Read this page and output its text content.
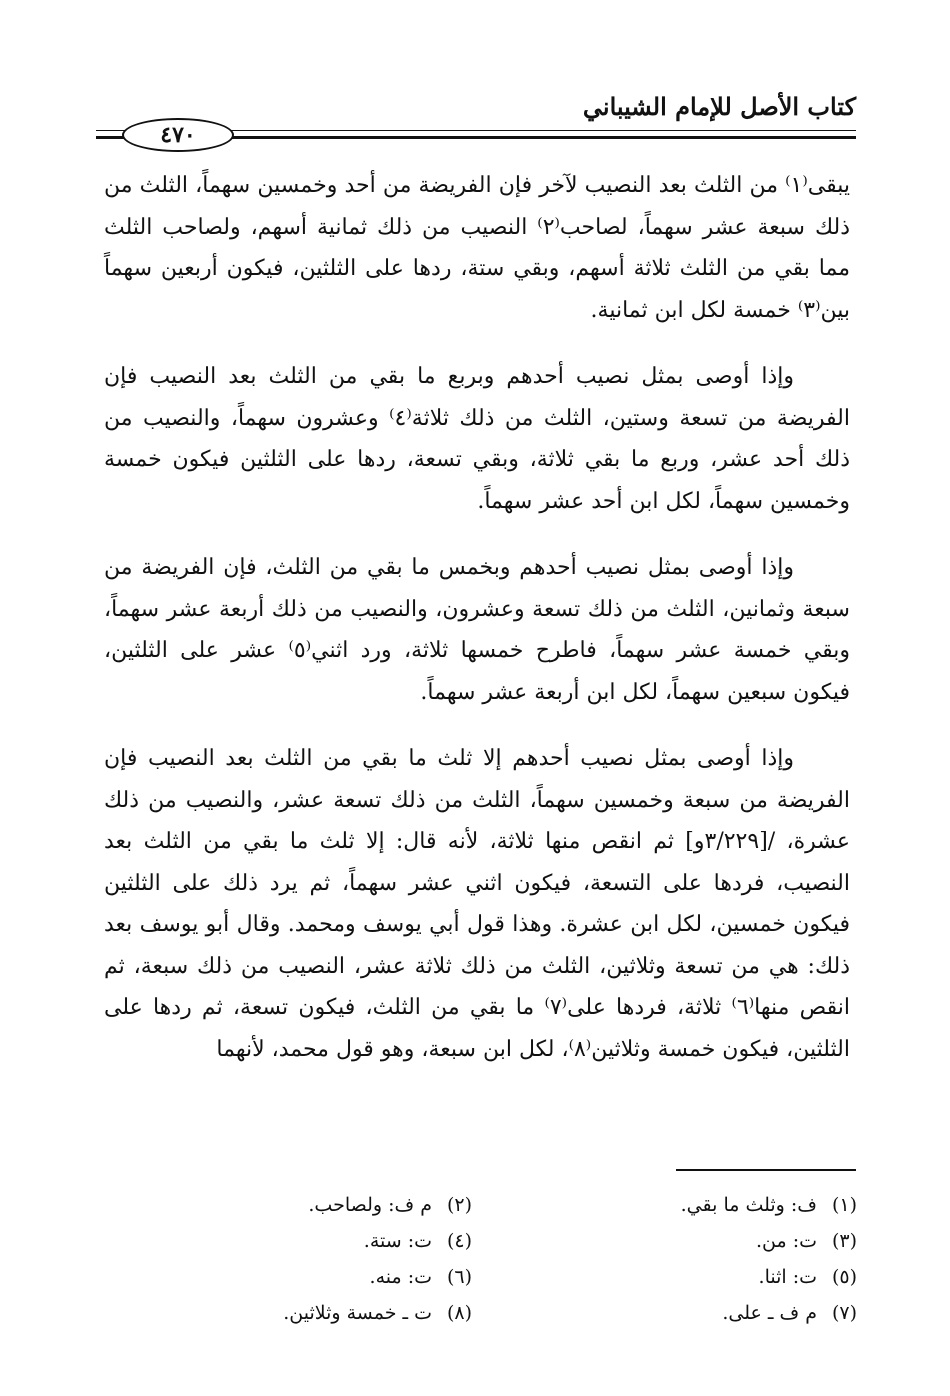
كتاب الأصل للإمام الشيباني
٤٧٠

يبقى⁽١⁾ من الثلث بعد النصيب لآخر فإن الفريضة من أحد وخمسين سهماً، الثلث من ذلك سبعة عشر سهماً، لصاحب⁽٢⁾ النصيب من ذلك ثمانية أسهم، ولصاحب الثلث مما بقي من الثلث ثلاثة أسهم، وبقي ستة، ردها على الثلثين، فيكون أربعين سهماً بين⁽٣⁾ خمسة لكل ابن ثمانية.

وإذا أوصى بمثل نصيب أحدهم وبربع ما بقي من الثلث بعد النصيب فإن الفريضة من تسعة وستين، الثلث من ذلك ثلاثة⁽٤⁾ وعشرون سهماً، والنصيب من ذلك أحد عشر، وربع ما بقي ثلاثة، وبقي تسعة، ردها على الثلثين فيكون خمسة وخمسين سهماً، لكل ابن أحد عشر سهماً.

وإذا أوصى بمثل نصيب أحدهم وبخمس ما بقي من الثلث، فإن الفريضة من سبعة وثمانين، الثلث من ذلك تسعة وعشرون، والنصيب من ذلك أربعة عشر سهماً، وبقي خمسة عشر سهماً، فاطرح خمسها ثلاثة، ورد اثني⁽٥⁾ عشر على الثلثين، فيكون سبعين سهماً، لكل ابن أربعة عشر سهماً.

وإذا أوصى بمثل نصيب أحدهم إلا ثلث ما بقي من الثلث بعد النصيب فإن الفريضة من سبعة وخمسين سهماً، الثلث من ذلك تسعة عشر، والنصيب من ذلك عشرة، /[٣/٢٢٩و] ثم انقص منها ثلاثة، لأنه قال: إلا ثلث ما بقي من الثلث بعد النصيب، فردها على التسعة، فيكون اثني عشر سهماً، ثم يرد ذلك على الثلثين فيكون خمسين، لكل ابن عشرة. وهذا قول أبي يوسف ومحمد. وقال أبو يوسف بعد ذلك: هي من تسعة وثلاثين، الثلث من ذلك ثلاثة عشر، النصيب من ذلك سبعة، ثم انقص منها⁽٦⁾ ثلاثة، فردها على⁽٧⁾ ما بقي من الثلث، فيكون تسعة، ثم ردها على الثلثين، فيكون خمسة وثلاثين⁽٨⁾، لكل ابن سبعة، وهو قول محمد، لأنهما

(١)ف: وثلث ما بقي.
(٣)ت: من.
(٥)ت: اثنا.
(٧)م ف ـ على.
(٢)م ف: ولصاحب.
(٤)ت: ستة.
(٦)ت: منه.
(٨)ت ـ خمسة وثلاثين.
